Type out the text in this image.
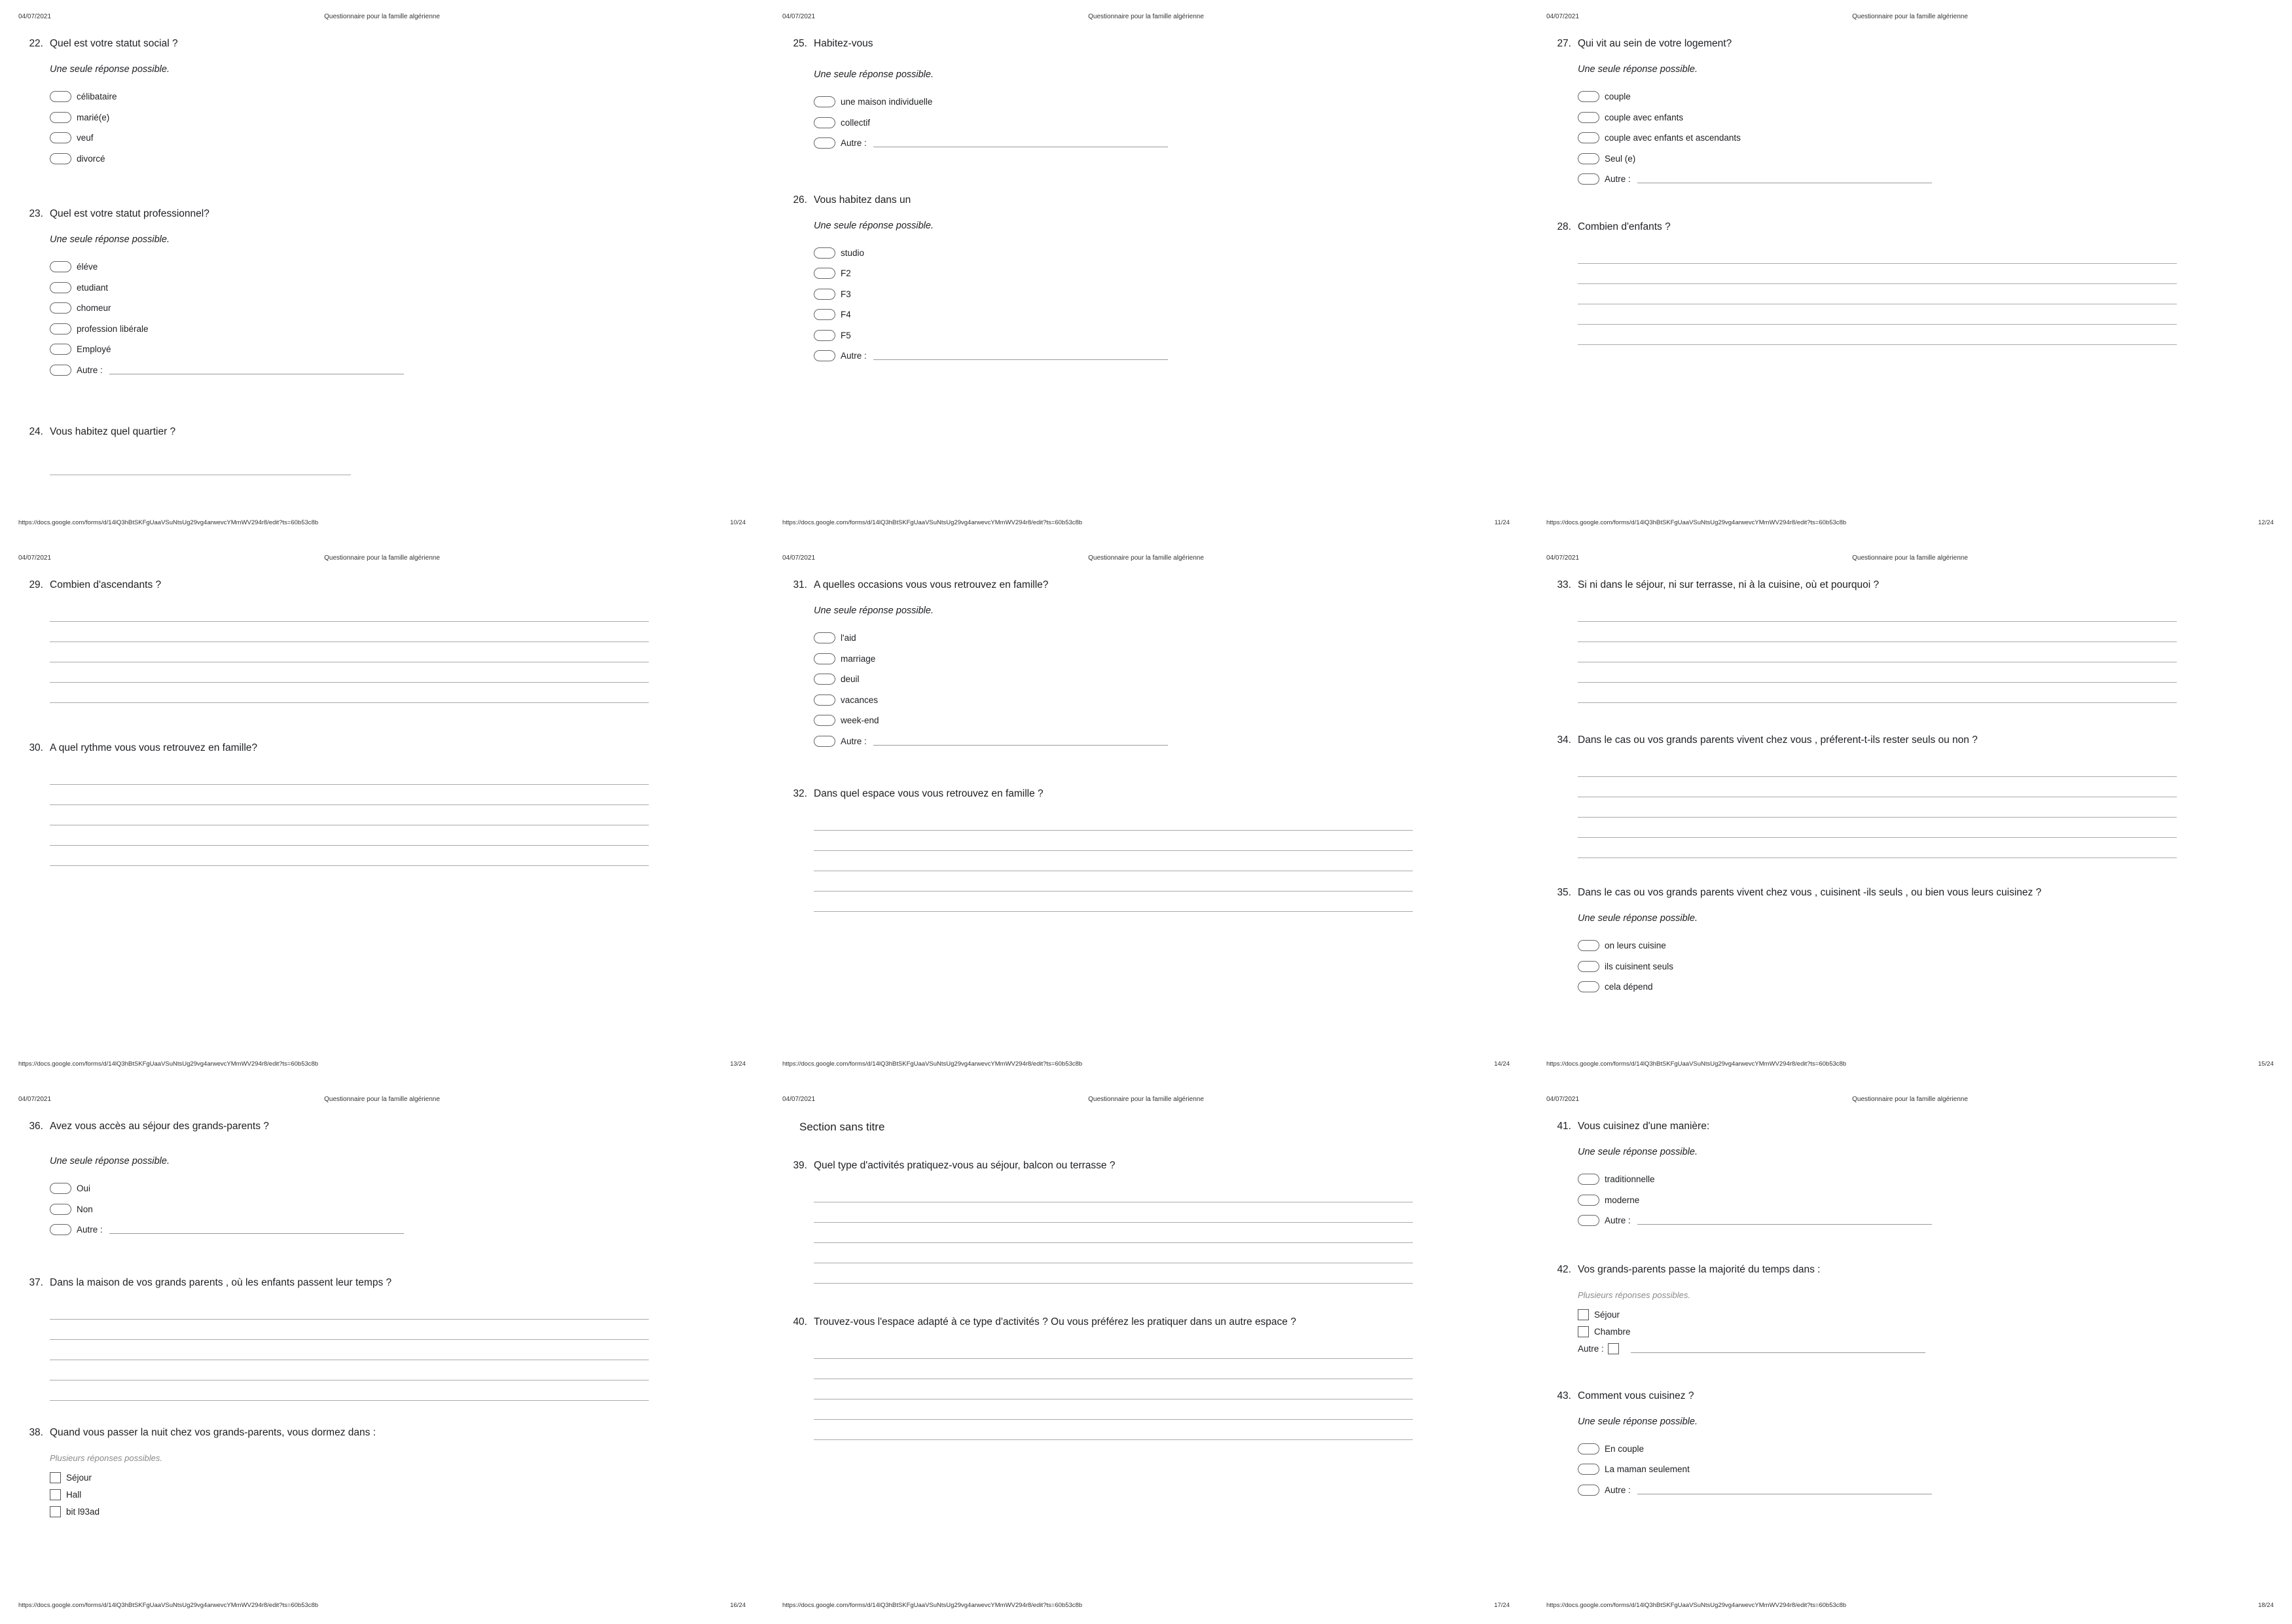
04/07/2021	Questionnaire pour la famille algérienne
22. Quel est votre statut social ?
Une seule réponse possible.
célibataire
marié(e)
veuf
divorcé
23. Quel est votre statut professionnel?
Une seule réponse possible.
éléve
etudiant
chomeur
profession libérale
Employé
Autre :
24. Vous habitez quel quartier ?
https://docs.google.com/forms/d/14lQ3hBtSKFgUaaVSuNtsUg29vg4arwevcYMmWV294r8/edit?ts=60b53c8b	10/24
04/07/2021	Questionnaire pour la famille algérienne
25. Habitez-vous
Une seule réponse possible.
une maison individuelle
collectif
Autre :
26. Vous habitez dans un
Une seule réponse possible.
studio
F2
F3
F4
F5
Autre :
https://docs.google.com/forms/d/14lQ3hBtSKFgUaaVSuNtsUg29vg4arwevcYMmWV294r8/edit?ts=60b53c8b	11/24
04/07/2021	Questionnaire pour la famille algérienne
27. Qui vit au sein de votre logement?
Une seule réponse possible.
couple
couple avec enfants
couple avec enfants et ascendants
Seul (e)
Autre :
28. Combien d'enfants ?
https://docs.google.com/forms/d/14lQ3hBtSKFgUaaVSuNtsUg29vg4arwevcYMmWV294r8/edit?ts=60b53c8b	12/24
04/07/2021	Questionnaire pour la famille algérienne
29. Combien d'ascendants ?
30. A quel rythme vous vous retrouvez en famille?
https://docs.google.com/forms/d/14lQ3hBtSKFgUaaVSuNtsUg29vg4arwevcYMmWV294r8/edit?ts=60b53c8b	13/24
04/07/2021	Questionnaire pour la famille algérienne
31. A quelles occasions vous vous retrouvez en famille?
Une seule réponse possible.
l'aid
marriage
deuil
vacances
week-end
Autre :
32. Dans quel espace vous vous retrouvez en famille ?
https://docs.google.com/forms/d/14lQ3hBtSKFgUaaVSuNtsUg29vg4arwevcYMmWV294r8/edit?ts=60b53c8b	14/24
04/07/2021	Questionnaire pour la famille algérienne
33. Si ni dans le séjour, ni sur terrasse, ni à la cuisine, où et pourquoi ?
34. Dans le cas ou vos grands parents vivent chez vous , préferent-t-ils rester seuls ou non ?
35. Dans le cas ou vos grands parents vivent chez vous , cuisinent -ils seuls , ou bien vous leurs cuisinez ?
Une seule réponse possible.
on leurs cuisine
ils cuisinent seuls
cela dépend
https://docs.google.com/forms/d/14lQ3hBtSKFgUaaVSuNtsUg29vg4arwevcYMmWV294r8/edit?ts=60b53c8b	15/24
04/07/2021	Questionnaire pour la famille algérienne
36. Avez vous accès au séjour des grands-parents ?
Une seule réponse possible.
Oui
Non
Autre :
37. Dans la maison de vos grands parents , où les enfants passent leur temps ?
38. Quand vous passer la nuit chez vos grands-parents, vous dormez dans :
Plusieurs réponses possibles.
Séjour
Hall
bit l93ad
https://docs.google.com/forms/d/14lQ3hBtSKFgUaaVSuNtsUg29vg4arwevcYMmWV294r8/edit?ts=60b53c8b	16/24
04/07/2021	Questionnaire pour la famille algérienne
Section sans titre
39. Quel type d'activités pratiquez-vous au séjour, balcon ou terrasse ?
40. Trouvez-vous l'espace adapté à ce type d'activités ? Ou vous préférez les pratiquer dans un autre espace ?
https://docs.google.com/forms/d/14lQ3hBtSKFgUaaVSuNtsUg29vg4arwevcYMmWV294r8/edit?ts=60b53c8b	17/24
04/07/2021	Questionnaire pour la famille algérienne
41. Vous cuisinez d'une manière:
Une seule réponse possible.
traditionnelle
moderne
Autre :
42. Vos grands-parents passe la majorité du temps dans :
Plusieurs réponses possibles.
Séjour
Chambre
Autre :
43. Comment vous cuisinez ?
Une seule réponse possible.
En couple
La maman seulement
Autre :
https://docs.google.com/forms/d/14lQ3hBtSKFgUaaVSuNtsUg29vg4arwevcYMmWV294r8/edit?ts=60b53c8b	18/24
